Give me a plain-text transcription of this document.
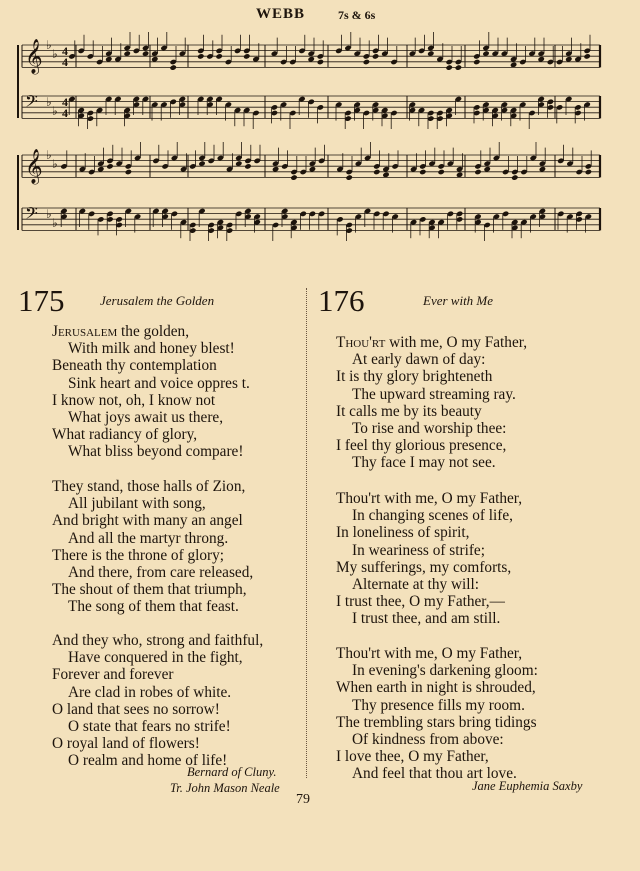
WEBB	7s & 6s
𝄞 ♭
♭ 4
4
𝄢 ♭
♭
4
4
𝄞 ♭
♭
𝄢 ♭
♭
175	Jerusalem the Golden
Jerusalem the golden,
With milk and honey blest!
Beneath thy contemplation
Sink heart and voice oppres t.
I know not, oh, I know not
What joys await us there,
What radiancy of glory,
What bliss beyond compare!
They stand, those halls of Zion,
All jubilant with song,
And bright with many an angel
And all the martyr throng.
There is the throne of glory;
And there, from care released,
The shout of them that triumph,
The song of them that feast.
And they who, strong and faithful,
Have conquered in the fight,
Forever and forever
Are clad in robes of white.
O land that sees no sorrow!
O state that fears no strife!
O royal land of flowers!
O realm and home of life!
Bernard of Cluny.
Tr. John Mason Neale
176	Ever with Me
Thou'rt with me, O my Father,
At early dawn of day:
It is thy glory brighteneth
The upward streaming ray.
It calls me by its beauty
To rise and worship thee:
I feel thy glorious presence,
Thy face I may not see.
Thou'rt with me, O my Father,
In changing scenes of life,
In loneliness of spirit,
In weariness of strife;
My sufferings, my comforts,
Alternate at thy will:
I trust thee, O my Father,—
I trust thee, and am still.
Thou'rt with me, O my Father,
In evening's darkening gloom:
When earth in night is shrouded,
Thy presence fills my room.
The trembling stars bring tidings
Of kindness from above:
I love thee, O my Father,
And feel that thou art love.
Jane Euphemia Saxby
79
